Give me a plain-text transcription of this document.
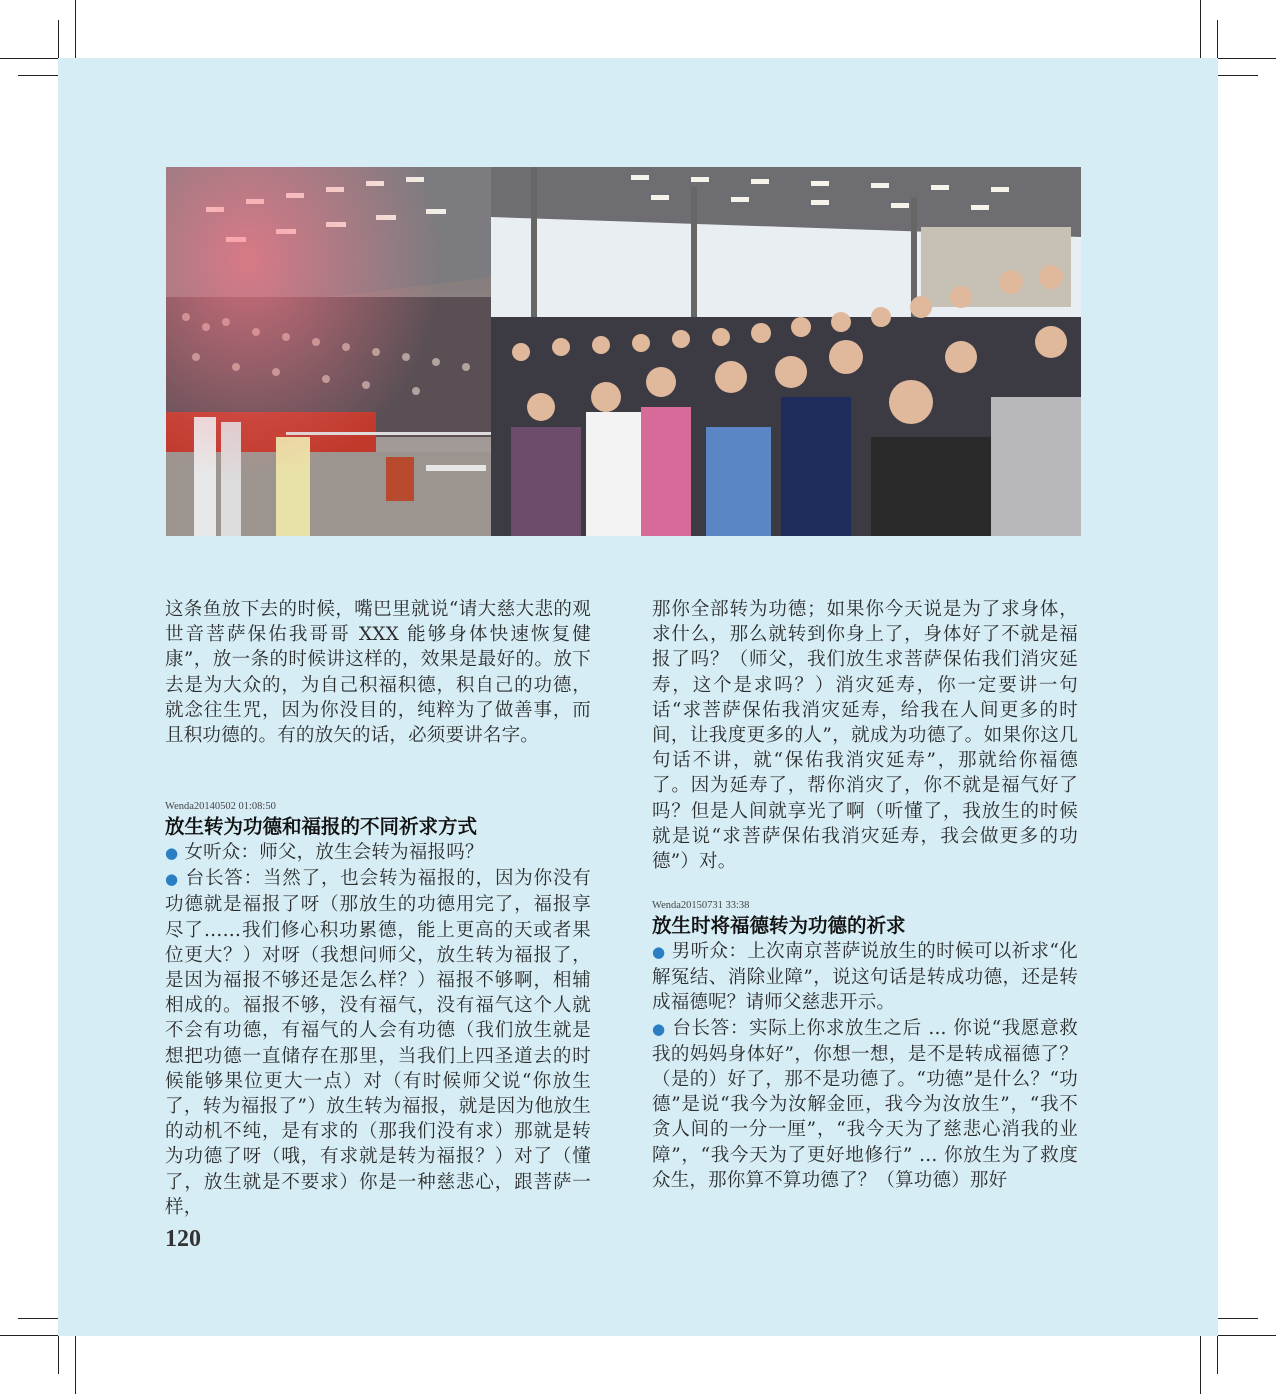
这条鱼放下去的时候，嘴巴里就说“请大慈大悲的观世音菩萨保佑我哥哥 XXX 能够身体快速恢复健康”，放一条的时候讲这样的，效果是最好的。放下去是为大众的，为自己积福积德，积自己的功德，就念往生咒，因为你没目的，纯粹为了做善事，而且积功德的。有的放矢的话，必须要讲名字。

Wenda20140502 01:08:50
放生转为功德和福报的不同祈求方式

● 女听众：师父，放生会转为福报吗？

● 台长答：当然了，也会转为福报的，因为你没有功德就是福报了呀（那放生的功德用完了，福报享尽了……我们修心积功累德，能上更高的天或者果位更大？）对呀（我想问师父，放生转为福报了，是因为福报不够还是怎么样？）福报不够啊，相辅相成的。福报不够，没有福气，没有福气这个人就不会有功德，有福气的人会有功德（我们放生就是想把功德一直储存在那里，当我们上四圣道去的时候能够果位更大一点）对（有时候师父说“你放生了，转为福报了”）放生转为福报，就是因为他放生的动机不纯，是有求的（那我们没有求）那就是转为功德了呀（哦，有求就是转为福报？）对了（懂了，放生就是不要求）你是一种慈悲心，跟菩萨一样，

那你全部转为功德；如果你今天说是为了求身体，求什么，那么就转到你身上了，身体好了不就是福报了吗？（师父，我们放生求菩萨保佑我们消灾延寿，这个是求吗？）消灾延寿，你一定要讲一句话“求菩萨保佑我消灾延寿，给我在人间更多的时间，让我度更多的人”，就成为功德了。如果你这几句话不讲，就“保佑我消灾延寿”，那就给你福德了。因为延寿了，帮你消灾了，你不就是福气好了吗？但是人间就享光了啊（听懂了，我放生的时候就是说“求菩萨保佑我消灾延寿，我会做更多的功德”）对。

Wenda20150731 33:38
放生时将福德转为功德的祈求

● 男听众：上次南京菩萨说放生的时候可以祈求“化解冤结、消除业障”，说这句话是转成功德，还是转成福德呢？请师父慈悲开示。

● 台长答：实际上你求放生之后 ... 你说“我愿意救我的妈妈身体好”，你想一想，是不是转成福德了？（是的）好了，那不是功德了。“功德”是什么？“功德”是说“我今为汝解金匝，我今为汝放生”，“我不贪人间的一分一厘”，“我今天为了慈悲心消我的业障”，“我今天为了更好地修行” ... 你放生为了救度众生，那你算不算功德了？（算功德）那好

120
